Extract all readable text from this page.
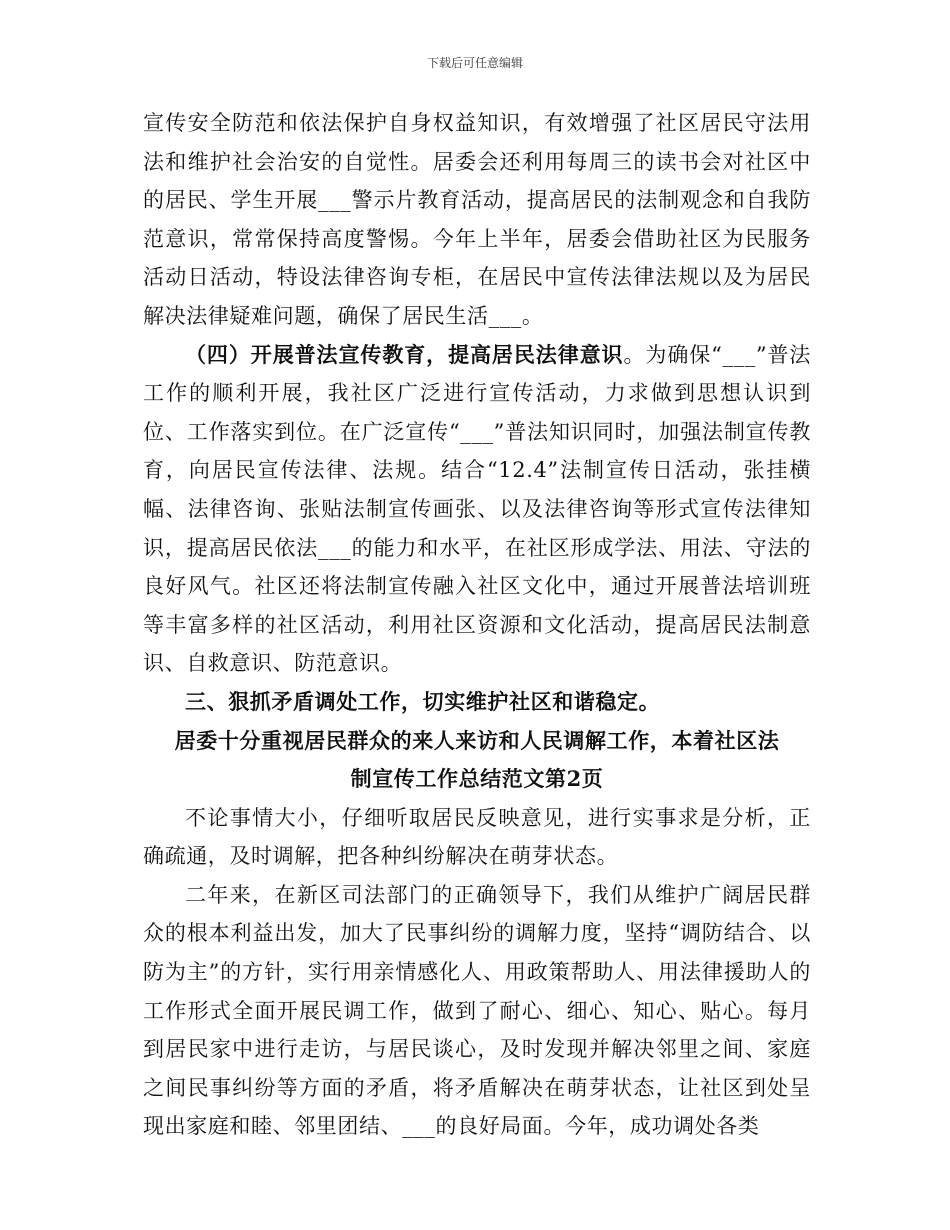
下载后可任意编辑

宣传安全防范和依法保护自身权益知识，有效增强了社区居民守法用法和维护社会治安的自觉性。居委会还利用每周三的读书会对社区中的居民、学生开展___警示片教育活动，提高居民的法制观念和自我防范意识，常常保持高度警惕。今年上半年，居委会借助社区为民服务活动日活动，特设法律咨询专柜，在居民中宣传法律法规以及为居民解决法律疑难问题，确保了居民生活___。

（四）开展普法宣传教育，提高居民法律意识。为确保“___”普法工作的顺利开展，我社区广泛进行宣传活动，力求做到思想认识到位、工作落实到位。在广泛宣传“___”普法知识同时，加强法制宣传教育，向居民宣传法律、法规。结合“12.4”法制宣传日活动，张挂横幅、法律咨询、张贴法制宣传画张、以及法律咨询等形式宣传法律知识，提高居民依法___的能力和水平，在社区形成学法、用法、守法的良好风气。社区还将法制宣传融入社区文化中，通过开展普法培训班等丰富多样的社区活动，利用社区资源和文化活动，提高居民法制意识、自救意识、防范意识。

三、狠抓矛盾调处工作，切实维护社区和谐稳定。

居委十分重视居民群众的来人来访和人民调解工作，本着社区法

制宣传工作总结范文第2页

不论事情大小，仔细听取居民反映意见，进行实事求是分析，正确疏通，及时调解，把各种纠纷解决在萌芽状态。

二年来，在新区司法部门的正确领导下，我们从维护广阔居民群众的根本利益出发，加大了民事纠纷的调解力度，坚持“调防结合、以防为主”的方针，实行用亲情感化人、用政策帮助人、用法律援助人的工作形式全面开展民调工作，做到了耐心、细心、知心、贴心。每月到居民家中进行走访，与居民谈心，及时发现并解决邻里之间、家庭之间民事纠纷等方面的矛盾，将矛盾解决在萌芽状态，让社区到处呈现出家庭和睦、邻里团结、___的良好局面。今年，成功调处各类
